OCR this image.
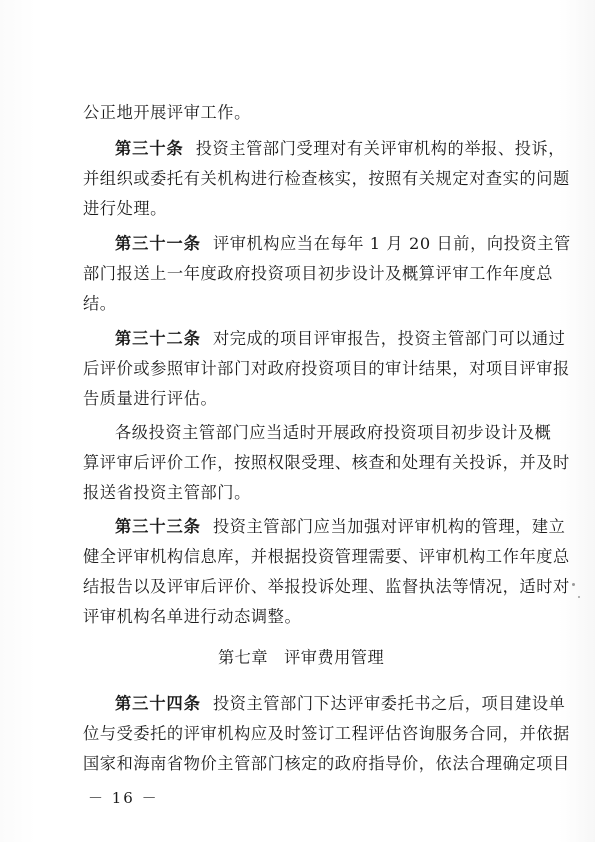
公正地开展评审工作。
第三十条 投资主管部门受理对有关评审机构的举报、投诉，
并组织或委托有关机构进行检查核实，按照有关规定对查实的问题
进行处理。
第三十一条 评审机构应当在每年 1 月 20 日前，向投资主管
部门报送上一年度政府投资项目初步设计及概算评审工作年度总
结。
第三十二条 对完成的项目评审报告，投资主管部门可以通过
后评价或参照审计部门对政府投资项目的审计结果，对项目评审报
告质量进行评估。
各级投资主管部门应当适时开展政府投资项目初步设计及概
算评审后评价工作，按照权限受理、核查和处理有关投诉，并及时
报送省投资主管部门。
第三十三条 投资主管部门应当加强对评审机构的管理，建立
健全评审机构信息库，并根据投资管理需要、评审机构工作年度总
结报告以及评审后评价、举报投诉处理、监督执法等情况，适时对
评审机构名单进行动态调整。
第七章 评审费用管理
第三十四条 投资主管部门下达评审委托书之后，项目建设单
位与受委托的评审机构应及时签订工程评估咨询服务合同，并依据
国家和海南省物价主管部门核定的政府指导价，依法合理确定项目
－ 16 －
